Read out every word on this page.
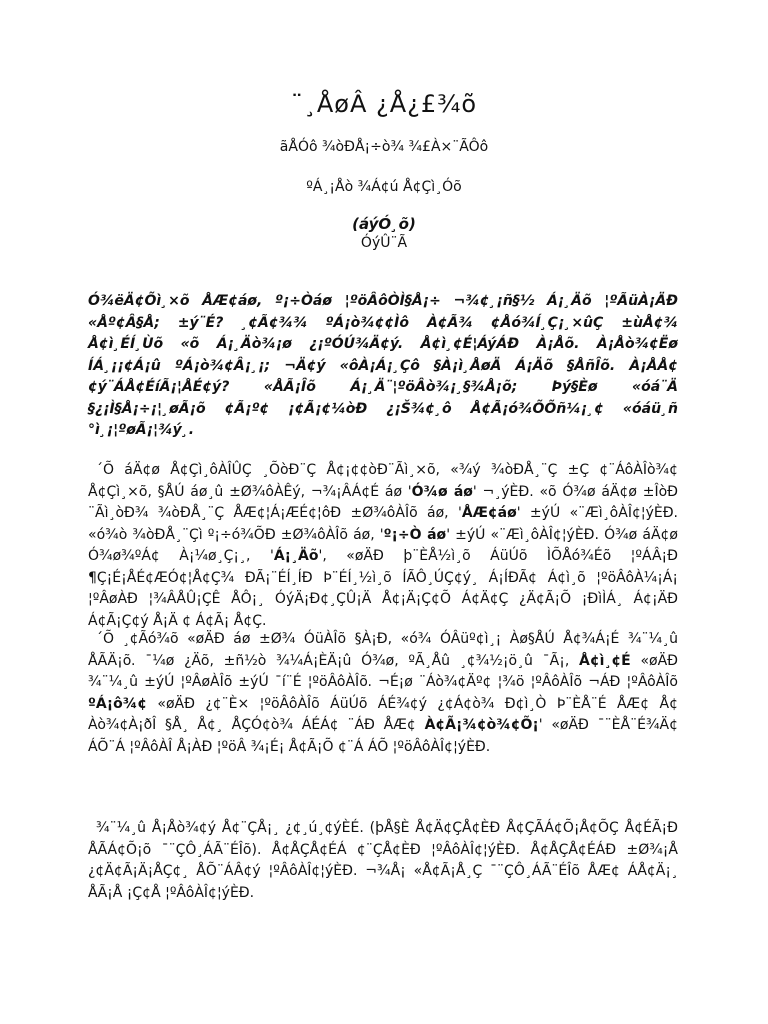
¨¸ÅøÂ ¿Å¿£¾õ
ãÅÓô ¾òÐÅ¡÷ò¾ ¾£À×¨ÃÔô
ºÁ¸¡Åò ¾Á¢ú Å¢Çì¸Óõ
(áýÓ¸õ)
ÓýÛ¨Ã

Ó¾ëÄ¢Õì¸×õ ÅÆ¢áø, º¡÷Òáø ¦ºöÂôÒÌ§Å¡÷ ¬¾¢¸¡ñ§½ Á¡¸Äõ ¦ºÃüÀ¡ÄÐ «Åº¢Â§Å; ±ý¨É? ¸¢Ã¢¾¾ ºÁ¡ò¾¢¢Ìô À¢Ã¾ ¢Åó¾Í¸Ç¡¸×ûÇ ±ùÅ¢¾ Å¢ì¸ÉÍ¸Ùõ «õ Á¡¸Äò¾¡ø ¿¡ºÓÚ¾Ä¢ý. Å¢ì¸¢É¦ÁýÁÐ À¡Åõ. À¡Åò¾¢Ëø ÍÁ¸¡¡¢Á¡û ºÁ¡ò¾¢Â¡¸¡; ¬Ä¢ý «ôÀ¡Á¡¸Çô §À¡ì¸ÅøÄ Á¡Äõ §ÅñÎõ. À¡ÅÅ¢¢ý¨ÁÅ¢ÉíÃ¡¦ÅÉ¢ý? «ÅÃ¡Îõ Á¡¸Ä¨¦ºöÂò¾¡¸§¾Å¡õ; Þý§Èø «óá¨Ä §¿¡Ì§Å¡÷¡¦¸øÃ¡õ ¢Ã¡º¢ ¡¢Ã¡¢¼òÐ ¿¡Š¾¢¸ô Å¢Ã¡ó¾ÕÕñ¼¡¸¢ «óáü¸ñ °ì¸¡¦ºøÃ¡¦¾ý¸.

´Õ áÄ¢ø Å¢Çì¸ôÀÎÛÇ ¸ÕòÐ¨Ç Å¢¡¢¢òÐ¨Ãì¸×õ, «¾ý ¾òÐÅ¸¨Ç ±Ç ¢¨ÁôÀÎò¾¢ Å¢Çì¸×õ, §ÅÚ áø¸û ±Ø¾ôÀÊý, ¬¾¡ÂÁ¢É áø 'Ó¾ø áø' ¬¸ýÈÐ. «õ Ó¾ø áÄ¢ø ±ÎòÐ ¨Ãì¸òÐ¾ ¾òÐÅ¸¨Ç ÅÆ¢¦Á¡ÆÉ¢¦ôÐ ±Ø¾ôÀÎõ áø, 'ÅÆ¢áø' ±ýÚ «¨Æì¸ôÀÎ¢¦ýÈÐ. «ó¾ò ¾òÐÅ¸¨Çì º¡÷ó¾ÕÐ ±Ø¾ôÀÎõ áø, 'º¡÷Ò áø' ±ýÚ «¨Æì¸ôÀÎ¢¦ýÈÐ. Ó¾ø áÄ¢ø Ó¾ø¾ºÁ¢ À¡¼ø¸Ç¡¸, 'Á¡¸Äõ', «øÄÐ þ¨ÈÅ½ì¸õ ÁüÚõ ÌÕÅó¾Éõ ¦ºÁÂ¡Ð ¶Ç¡É¡ÅÉ¢ÆÓ¢¦Å¢Ç¾ ÐÃ¡¨ÉÍ¸ÍÐ Þ¨ÉÍ¸½ì¸õ ÍÃÔ¸ÚÇ¢ý¸ Á¡ÍÐÃ¢ Á¢ì¸õ ¦ºöÂôÀ¼¡Á¡ ¦ºÂøÀÐ ¦¾ÂÅÛ¡ÇÊ ÅÔ¡¸ ÓýÄ¡Ð¢¸ÇÛ¡Ä Å¢¡Ä¡Ç¢Õ Á¢Ä¢Ç ¿Ä¢Ã¡Õ ¡ÐìÌÁ¸ Á¢¡ÄÐ Á¢Ã¡Ç¢ý Å¡Ä ¢ Á¢Ã¡ Å¢Ç.

´Õ ¸¢Ãó¾õ «øÄÐ áø ±Ø¾ ÓüÀÎõ §À¡Ð, «ó¾ ÓÂüº¢ì¸¡ Àø§ÅÚ Å¢¾Á¡É ¾¨¼¸û ÅÃÄ¡õ. ¯¼ø ¿Äõ, ±ñ½ò ¾¼Á¡ÈÄ¡û Ó¾ø, ºÃ¸Åû ¸¢¾½¡ö¸û ¯Ã¡, Å¢ì¸¢É «øÄÐ ¾¨¼¸û ±ýÚ ¦ºÂøÀÎõ ±ýÚ ¯í¨É ¦ºöÂôÀÎõ. ¬É¡ø ¨Áò¾¢Äº¢ ¦¾ö ¦ºÂôÀÎõ ¬ÁÐ ¦ºÂôÀÎõ ºÁ¡ô¾¢ «øÄÐ ¿¢¨È× ¦ºöÂôÀÎõ ÁüÚõ ÁÉ¾¢ý ¿¢Á¢ò¾ Ð¢ì¸Ò Þ¨ÈÅ¨É ÅÆ¢ Å¢ Àò¾¢À¡ðÎ §Å¸ Å¢¸ ÅÇÓ¢ò¾ ÁÉÁ¢ ¨ÁÐ ÅÆ¢ À¢Ã¡¾¢ò¾¢Õ¡' «øÄÐ ¯¨ÈÅ¨É¾Ä¢ ÁÕ¨Á ¦ºÂôÀÎ Å¡ÀÐ ¦ºöÂ ¾¡É¡ Å¢Ã¡Õ ¢¨Á ÁÕ ¦ºöÂôÀÎ¢¦ýÈÐ.

¾¨¼¸û Å¡Åò¾¢ý Å¢¨ÇÅ¡¸ ¿¢¸ú¸¢ýÈÉ. (þÅ§È Å¢Ä¢ÇÅ¢ÈÐ Å¢ÇÃÁ¢Õ¡Å¢ÕÇ Å¢ÉÃ¡Ð ÅÃÁ¢Õ¡õ ¯¨ÇÔ¸ÁÃ¨ÉÎõ). Å¢ÅÇÅ¢ÉÁ ¢¨ÇÅ¢ÈÐ ¦ºÂôÀÎ¢¦ýÈÐ. Å¢ÅÇÅ¢ÉÁÐ ±Ø¾¡Å ¿¢Ä¢Ã¡Ä¡ÅÇ¢¸ ÅÕ¨ÁÂ¢ý ¦ºÂôÀÎ¢¦ýÈÐ. ¬¾Å¡ «Å¢Ã¡Å¸Ç ¯¨ÇÔ¸ÁÃ¨ÉÎõ ÅÆ¢ ÁÅ¢Ä¡¸ ÅÃ¡Å ¡Ç¢Å ¦ºÂôÀÎ¢¦ýÈÐ.
